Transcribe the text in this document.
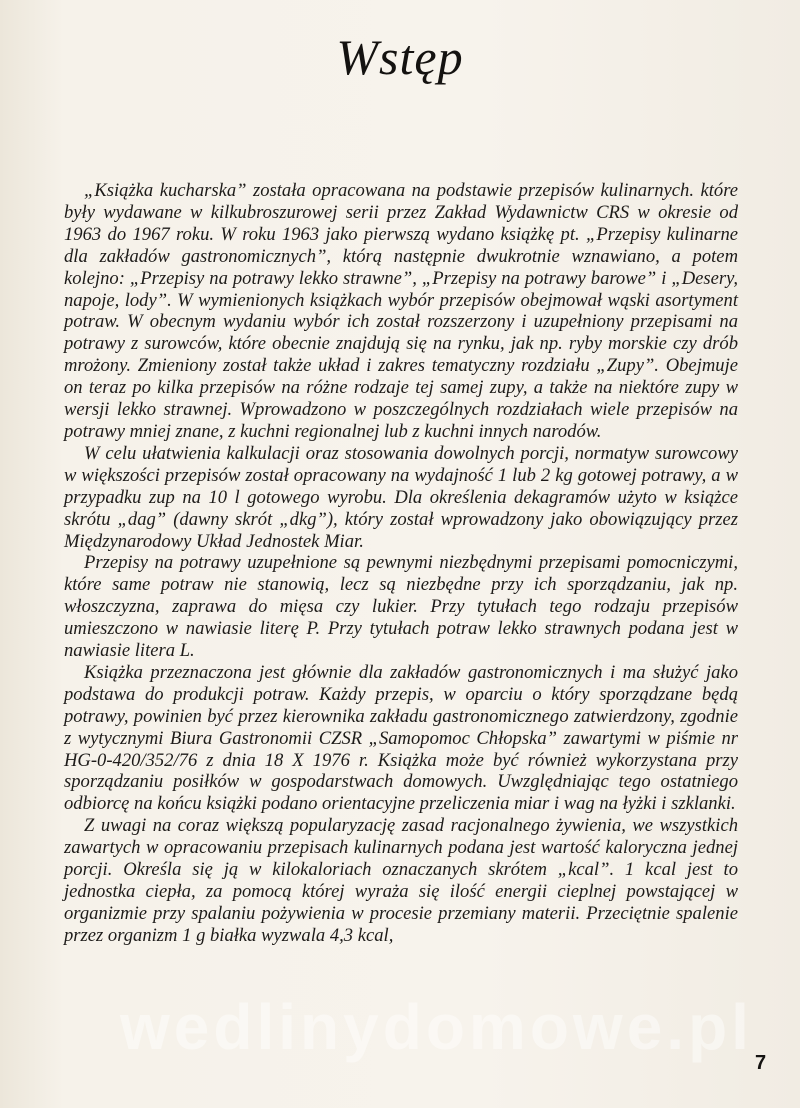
Wstęp

„Książka kucharska” została opracowana na podstawie przepisów kulinarnych. które były wydawane w kilkubroszurowej serii przez Zakład Wydawnictw CRS w okresie od 1963 do 1967 roku. W roku 1963 jako pierwszą wydano książkę pt. „Przepisy kulinarne dla zakładów gastronomicznych”, którą następnie dwukrotnie wznawiano, a potem kolejno: „Przepisy na potrawy lekko strawne”, „Przepisy na potrawy barowe” i „Desery, napoje, lody”. W wymienionych książkach wybór przepisów obejmował wąski asortyment potraw. W obecnym wydaniu wybór ich został rozszerzony i uzupełniony przepisami na potrawy z surowców, które obecnie znajdują się na rynku, jak np. ryby morskie czy drób mrożony. Zmieniony został także układ i zakres tematyczny rozdziału „Zupy”. Obejmuje on teraz po kilka przepisów na różne rodzaje tej samej zupy, a także na niektóre zupy w wersji lekko strawnej. Wprowadzono w poszczególnych rozdziałach wiele przepisów na potrawy mniej znane, z kuchni regionalnej lub z kuchni innych narodów.

W celu ułatwienia kalkulacji oraz stosowania dowolnych porcji, normatyw surowcowy w większości przepisów został opracowany na wydajność 1 lub 2 kg gotowej potrawy, a w przypadku zup na 10 l gotowego wyrobu. Dla określenia dekagramów użyto w książce skrótu „dag” (dawny skrót „dkg”), który został wprowadzony jako obowiązujący przez Międzynarodowy Układ Jednostek Miar.

Przepisy na potrawy uzupełnione są pewnymi niezbędnymi przepisami pomocniczymi, które same potraw nie stanowią, lecz są niezbędne przy ich sporządzaniu, jak np. włoszczyzna, zaprawa do mięsa czy lukier. Przy tytułach tego rodzaju przepisów umieszczono w nawiasie literę P. Przy tytułach potraw lekko strawnych podana jest w nawiasie litera L.

Książka przeznaczona jest głównie dla zakładów gastronomicznych i ma służyć jako podstawa do produkcji potraw. Każdy przepis, w oparciu o który sporządzane będą potrawy, powinien być przez kierownika zakładu gastronomicznego zatwierdzony, zgodnie z wytycznymi Biura Gastronomii CZSR „Samopomoc Chłopska” zawartymi w piśmie nr HG-0-420/352/76 z dnia 18 X 1976 r. Książka może być również wykorzystana przy sporządzaniu posiłków w gospodarstwach domowych. Uwzględniając tego ostatniego odbiorcę na końcu książki podano orientacyjne przeliczenia miar i wag na łyżki i szklanki.

Z uwagi na coraz większą popularyzację zasad racjonalnego żywienia, we wszystkich zawartych w opracowaniu przepisach kulinarnych podana jest wartość kaloryczna jednej porcji. Określa się ją w kilokaloriach oznaczanych skrótem „kcal”. 1 kcal jest to jednostka ciepła, za pomocą której wyraża się ilość energii cieplnej powstającej w organizmie przy spalaniu pożywienia w procesie przemiany materii. Przeciętnie spalenie przez organizm 1 g białka wyzwala 4,3 kcal,

wedlinydomowe.pl 7
